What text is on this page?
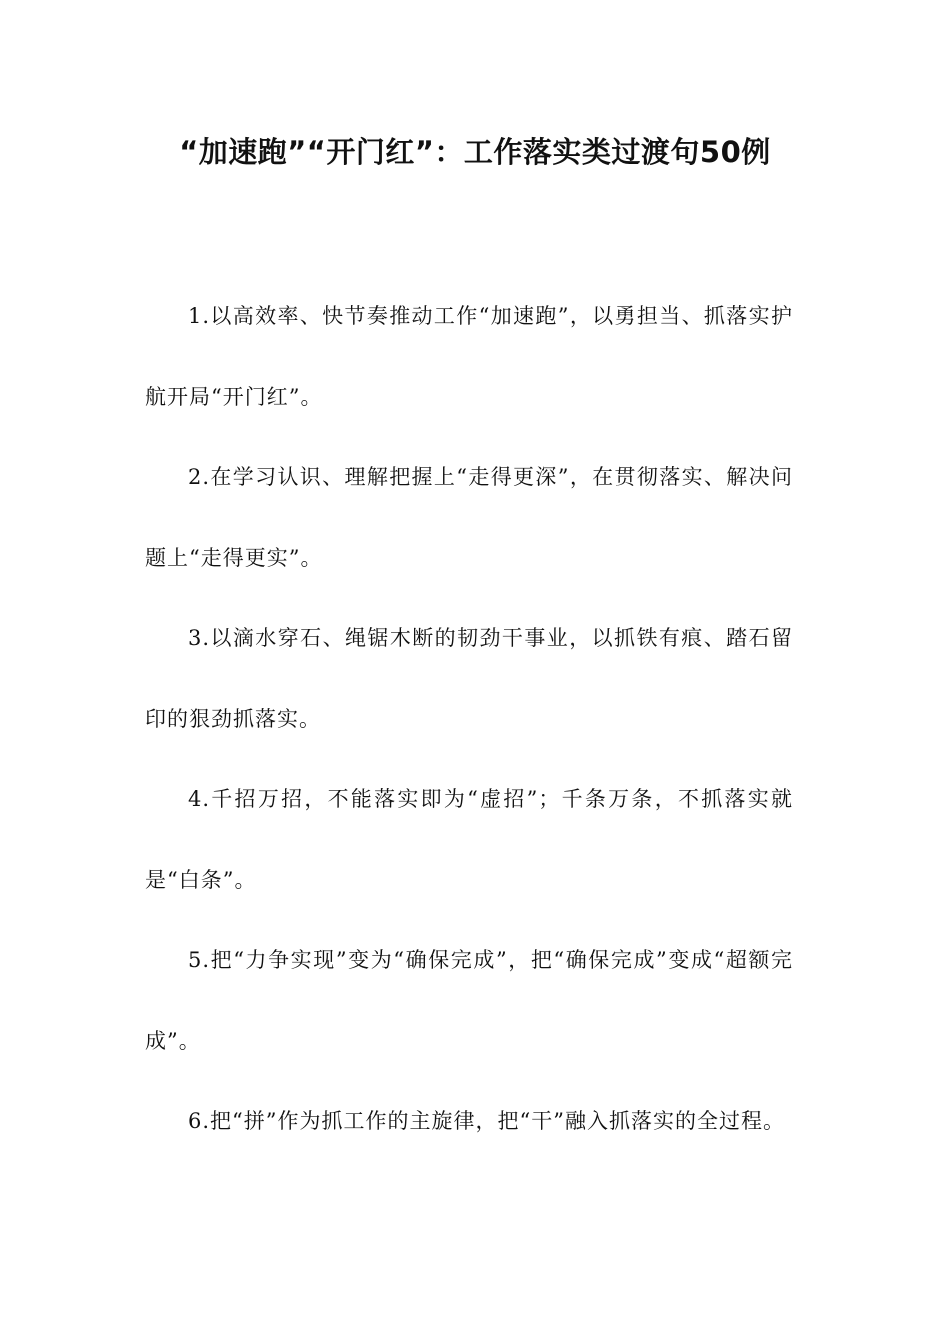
“加速跑”“开门红”：工作落实类过渡句50例

1.以高效率、快节奏推动工作“加速跑”，以勇担当、抓落实护航开局“开门红”。

2.在学习认识、理解把握上“走得更深”，在贯彻落实、解决问题上“走得更实”。

3.以滴水穿石、绳锯木断的韧劲干事业，以抓铁有痕、踏石留印的狠劲抓落实。

4.千招万招，不能落实即为“虚招”；千条万条，不抓落实就是“白条”。

5.把“力争实现”变为“确保完成”，把“确保完成”变成“超额完成”。

6.把“拼”作为抓工作的主旋律，把“干”融入抓落实的全过程。
